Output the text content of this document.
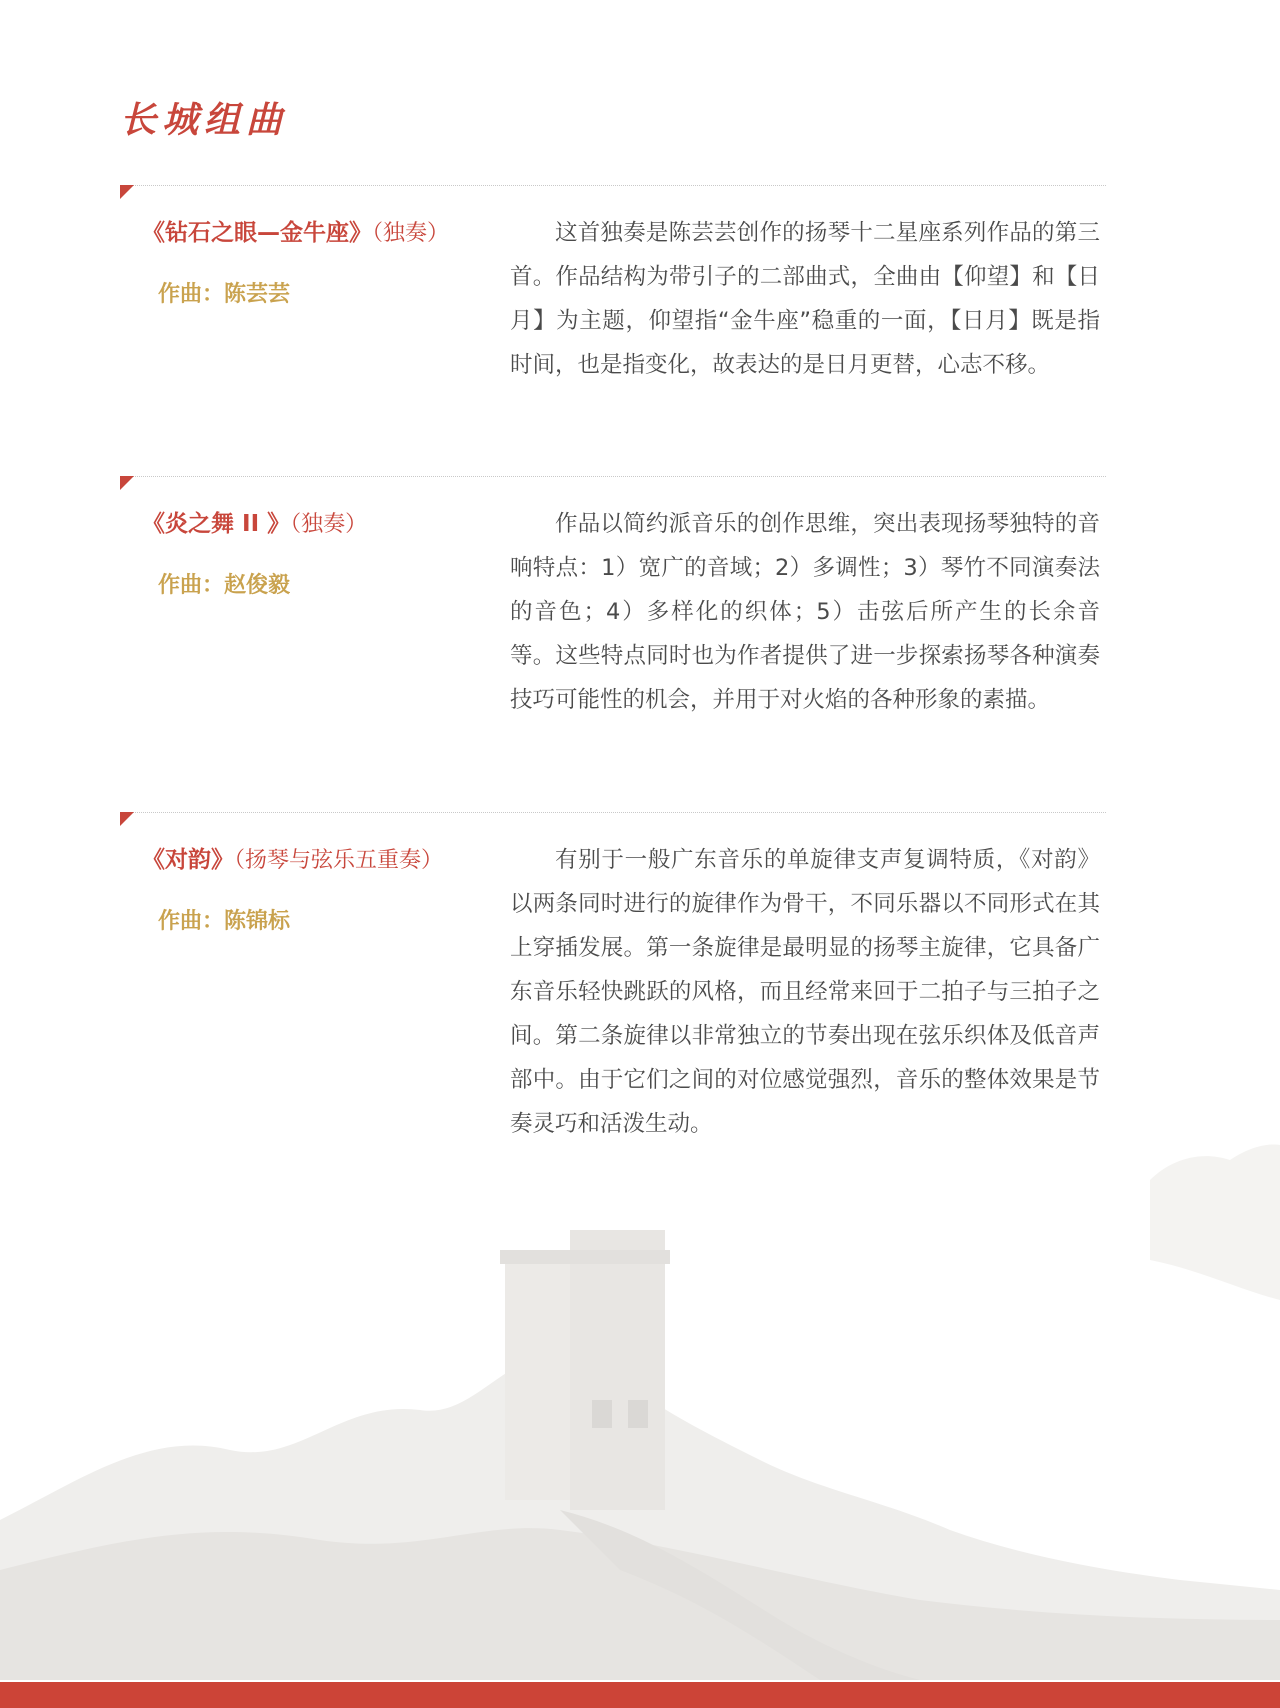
长城组曲
《钻石之眼—金牛座》（独奏）
作曲：陈芸芸

这首独奏是陈芸芸创作的扬琴十二星座系列作品的第三首。作品结构为带引子的二部曲式，全曲由【仰望】和【日月】为主题，仰望指“金牛座”稳重的一面，【日月】既是指时间，也是指变化，故表达的是日月更替，心志不移。

《炎之舞 II 》（独奏）
作曲：赵俊毅

作品以简约派音乐的创作思维，突出表现扬琴独特的音响特点：1）宽广的音域；2）多调性；3）琴竹不同演奏法的音色；4）多样化的织体；5）击弦后所产生的长余音等。这些特点同时也为作者提供了进一步探索扬琴各种演奏技巧可能性的机会，并用于对火焰的各种形象的素描。

《对韵》（扬琴与弦乐五重奏）
作曲：陈锦标

有别于一般广东音乐的单旋律支声复调特质，《对韵》以两条同时进行的旋律作为骨干，不同乐器以不同形式在其上穿插发展。第一条旋律是最明显的扬琴主旋律，它具备广东音乐轻快跳跃的风格，而且经常来回于二拍子与三拍子之间。第二条旋律以非常独立的节奏出现在弦乐织体及低音声部中。由于它们之间的对位感觉强烈，音乐的整体效果是节奏灵巧和活泼生动。
